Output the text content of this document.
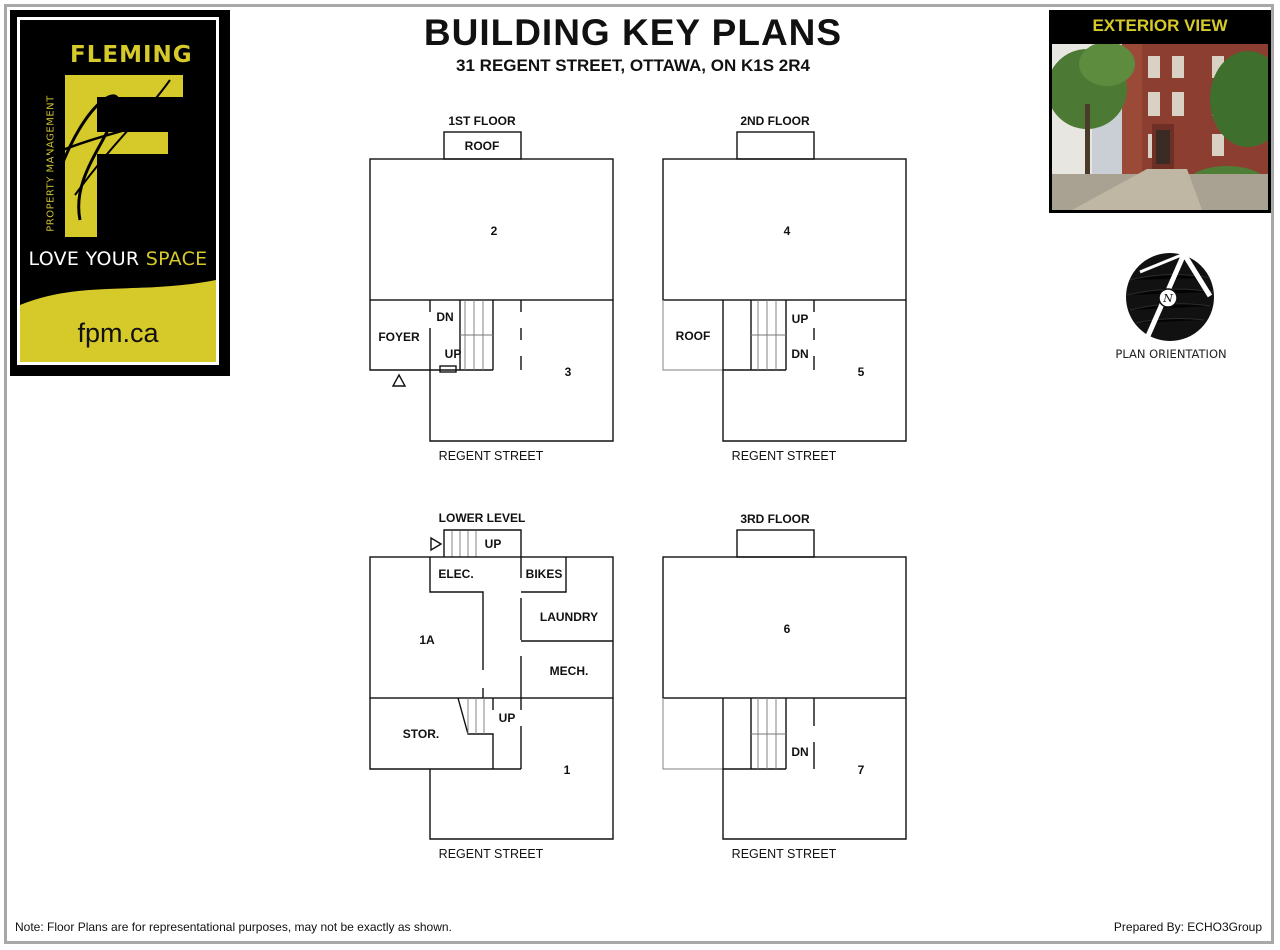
FLEMING
PROPERTY MANAGEMENT
LOVE YOUR SPACE
fpm.ca
BUILDING KEY PLANS
31 REGENT STREET, OTTAWA, ON K1S 2R4
EXTERIOR VIEW
N
PLAN ORIENTATION
1ST FLOOR
ROOF
2
FOYER
DN
UP
3
REGENT STREET
2ND FLOOR
4
ROOF
UP
DN
5
REGENT STREET
LOWER LEVEL
UP
ELEC.	BIKES
LAUNDRY
MECH.
1A
STOR.
UP
1
REGENT STREET
3RD FLOOR
6
DN
7
REGENT STREET
Note: Floor Plans are for representational purposes, may not be exactly as shown.	Prepared By: ECHO3Group
